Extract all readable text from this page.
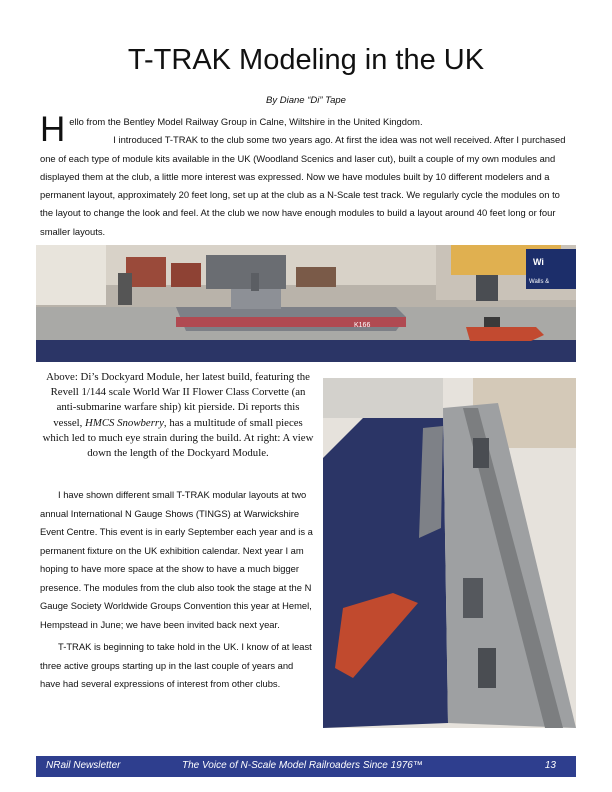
T-TRAK Modeling in the UK
By Diane “Di” Tape
H ello from the Bentley Model Railway Group in Calne, Wiltshire in the United Kingdom.

I introduced T-TRAK to the club some two years ago. At first the idea was not well received. After I purchased one of each type of module kits available in the UK (Woodland Scenics and laser cut), built a couple of my own modules and displayed them at the club, a little more interest was expressed. Now we have modules built by 10 different modelers and a permanent layout, approximately 20 feet long, set up at the club as a N-Scale test track. We regularly cycle the modules on to the layout to change the look and feel. At the club we now have enough modules to build a layout around 40 feet long or four smaller layouts.

Wi
Walls &
K166

Above: Di’s Dockyard Module, her latest build, featuring the Revell 1/144 scale World War II Flower Class Corvette (an anti-submarine warfare ship) kit pierside. Di reports this vessel, HMCS Snowberry, has a multitude of small pieces which led to much eye strain during the build. At right: A view down the length of the Dockyard Module.

I have shown different small T-TRAK modular layouts at two annual International N Gauge Shows (TINGS) at Warwickshire Event Centre. This event is in early September each year and is a permanent fixture on the UK exhibition calendar. Next year I am hoping to have more space at the show to have a much bigger presence. The modules from the club also took the stage at the N Gauge Society Worldwide Groups Convention this year at Hemel, Hempstead in June; we have been invited back next year.

T-TRAK is beginning to take hold in the UK. I know of at least three active groups starting up in the last couple of years and have had several expressions of interest from other clubs.

NRail Newsletter	The Voice of N-Scale Model Railroaders Since 1976™	13
